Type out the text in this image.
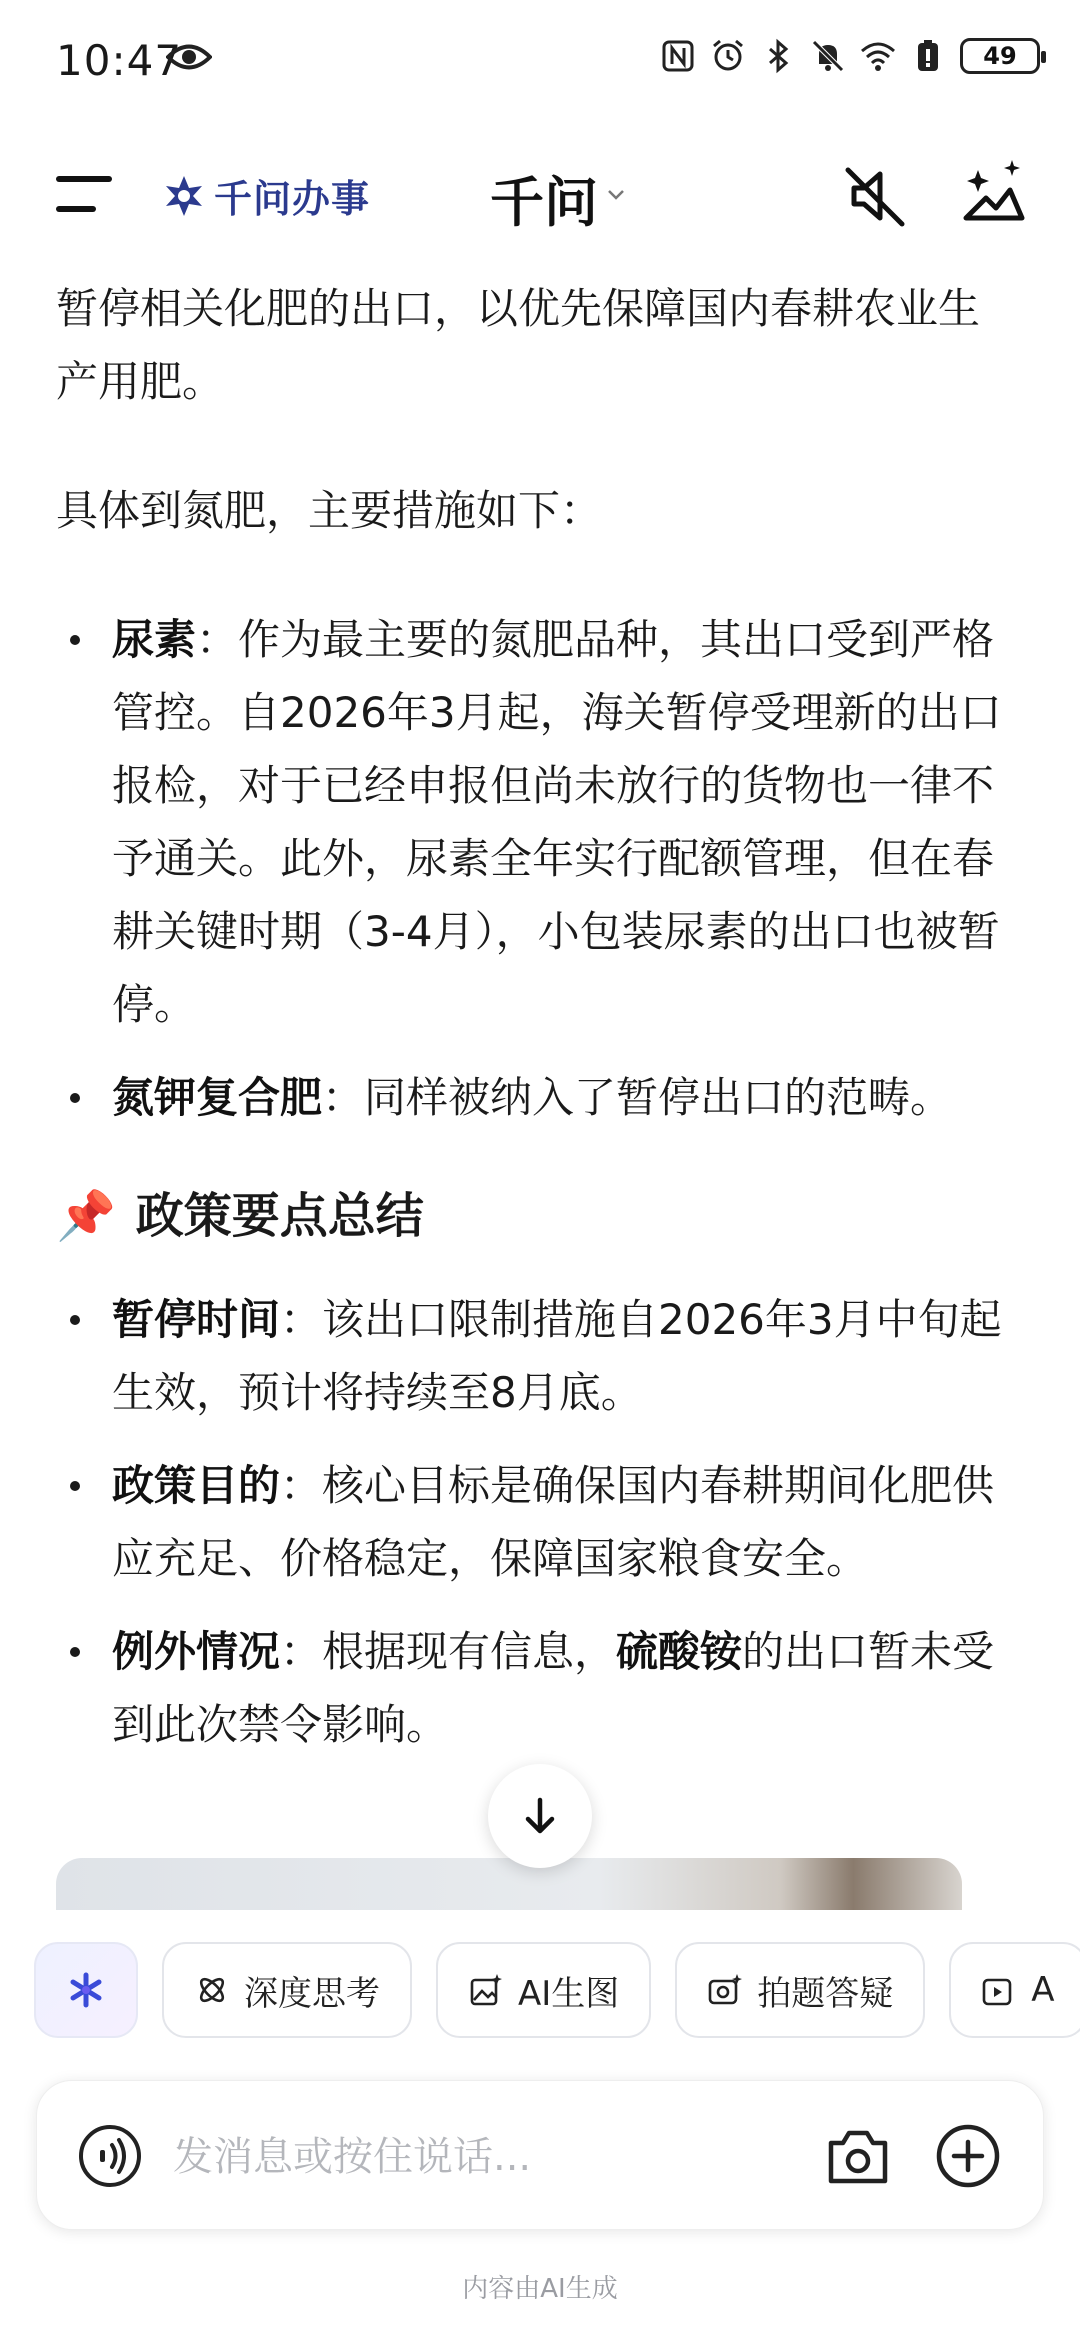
10:47	49
千问办事 千问

暂停相关化肥的出口，以优先保障国内春耕农业生产用肥。

具体到氮肥，主要措施如下：

尿素：作为最主要的氮肥品种，其出口受到严格管控。自2026年3月起，海关暂停受理新的出口报检，对于已经申报但尚未放行的货物也一律不予通关。此外，尿素全年实行配额管理，但在春耕关键时期（3-4月），小包装尿素的出口也被暂停。
氮钾复合肥：同样被纳入了暂停出口的范畴。
📌 政策要点总结
暂停时间：该出口限制措施自2026年3月中旬起生效，预计将持续至8月底。
政策目的：核心目标是确保国内春耕期间化肥供应充足、价格稳定，保障国家粮食安全。
例外情况：根据现有信息，硫酸铵的出口暂未受到此次禁令影响。
深度思考	AI生图	拍题答疑	A
发消息或按住说话...
内容由AI生成
